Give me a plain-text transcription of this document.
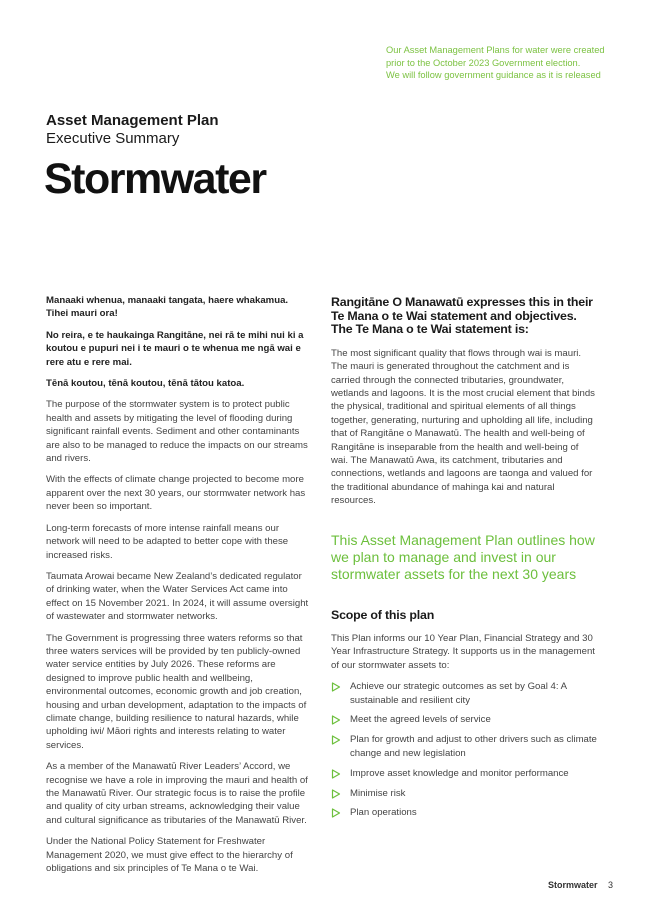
Our Asset Management Plans for water were created
prior to the October 2023 Government election.
We will follow government guidance as it is released
Asset Management Plan
Executive Summary
Stormwater

Manaaki whenua, manaaki tangata, haere whakamua. Tihei mauri ora!

No reira, e te haukainga Rangitāne, nei rā te mihi nui ki a koutou e pupuri nei i te mauri o te whenua me ngā wai e rere atu e rere mai.

Tēnā koutou, tēnā koutou, tēnā tātou katoa.

The purpose of the stormwater system is to protect public health and assets by mitigating the level of flooding during significant rainfall events. Sediment and other contaminants are also to be managed to reduce the impacts on our streams and rivers.

With the effects of climate change projected to become more apparent over the next 30 years, our stormwater network has never been so important.

Long-term forecasts of more intense rainfall means our network will need to be adapted to better cope with these increased risks.

Taumata Arowai became New Zealand’s dedicated regulator of drinking water, when the Water Services Act came into effect on 15 November 2021. In 2024, it will assume oversight of wastewater and stormwater networks.

The Government is progressing three waters reforms so that three waters services will be provided by ten publicly-owned water service entities by July 2026. These reforms are designed to improve public health and wellbeing, environmental outcomes, economic growth and job creation, housing and urban development, adaptation to the impacts of climate change, building resilience to natural hazards, while upholding iwi/ Māori rights and interests relating to water services.

As a member of the Manawatū River Leaders’ Accord, we recognise we have a role in improving the mauri and health of the Manawatū River. Our strategic focus is to raise the profile and quality of city urban streams, acknowledging their value and cultural significance as tributaries of the Manawatū River.

Under the National Policy Statement for Freshwater Management 2020, we must give effect to the hierarchy of obligations and six principles of Te Mana o te Wai.

Rangitāne O Manawatū expresses this in their Te Mana o te Wai statement and objectives. The Te Mana o te Wai statement is:

The most significant quality that flows through wai is mauri. The mauri is generated throughout the catchment and is carried through the connected tributaries, groundwater, wetlands and lagoons. It is the most crucial element that binds the physical, traditional and spiritual elements of all things together, generating, nurturing and upholding all life, including that of Rangitāne o Manawatū. The health and well-being of Rangitāne is inseparable from the health and well-being of wai. The Manawatū Awa, its catchment, tributaries and connections, wetlands and lagoons are taonga and valued for the traditional abundance of mahinga kai and natural resources.

This Asset Management Plan outlines how we plan to manage and invest in our stormwater assets for the next 30 years
Scope of this plan

This Plan informs our 10 Year Plan, Financial Strategy and 30 Year Infrastructure Strategy. It supports us in the management of our stormwater assets to:

Achieve our strategic outcomes as set by Goal 4: A sustainable and resilient city
Meet the agreed levels of service
Plan for growth and adjust to other drivers such as climate change and new legislation
Improve asset knowledge and monitor performance
Minimise risk
Plan operations
Stormwater 3
